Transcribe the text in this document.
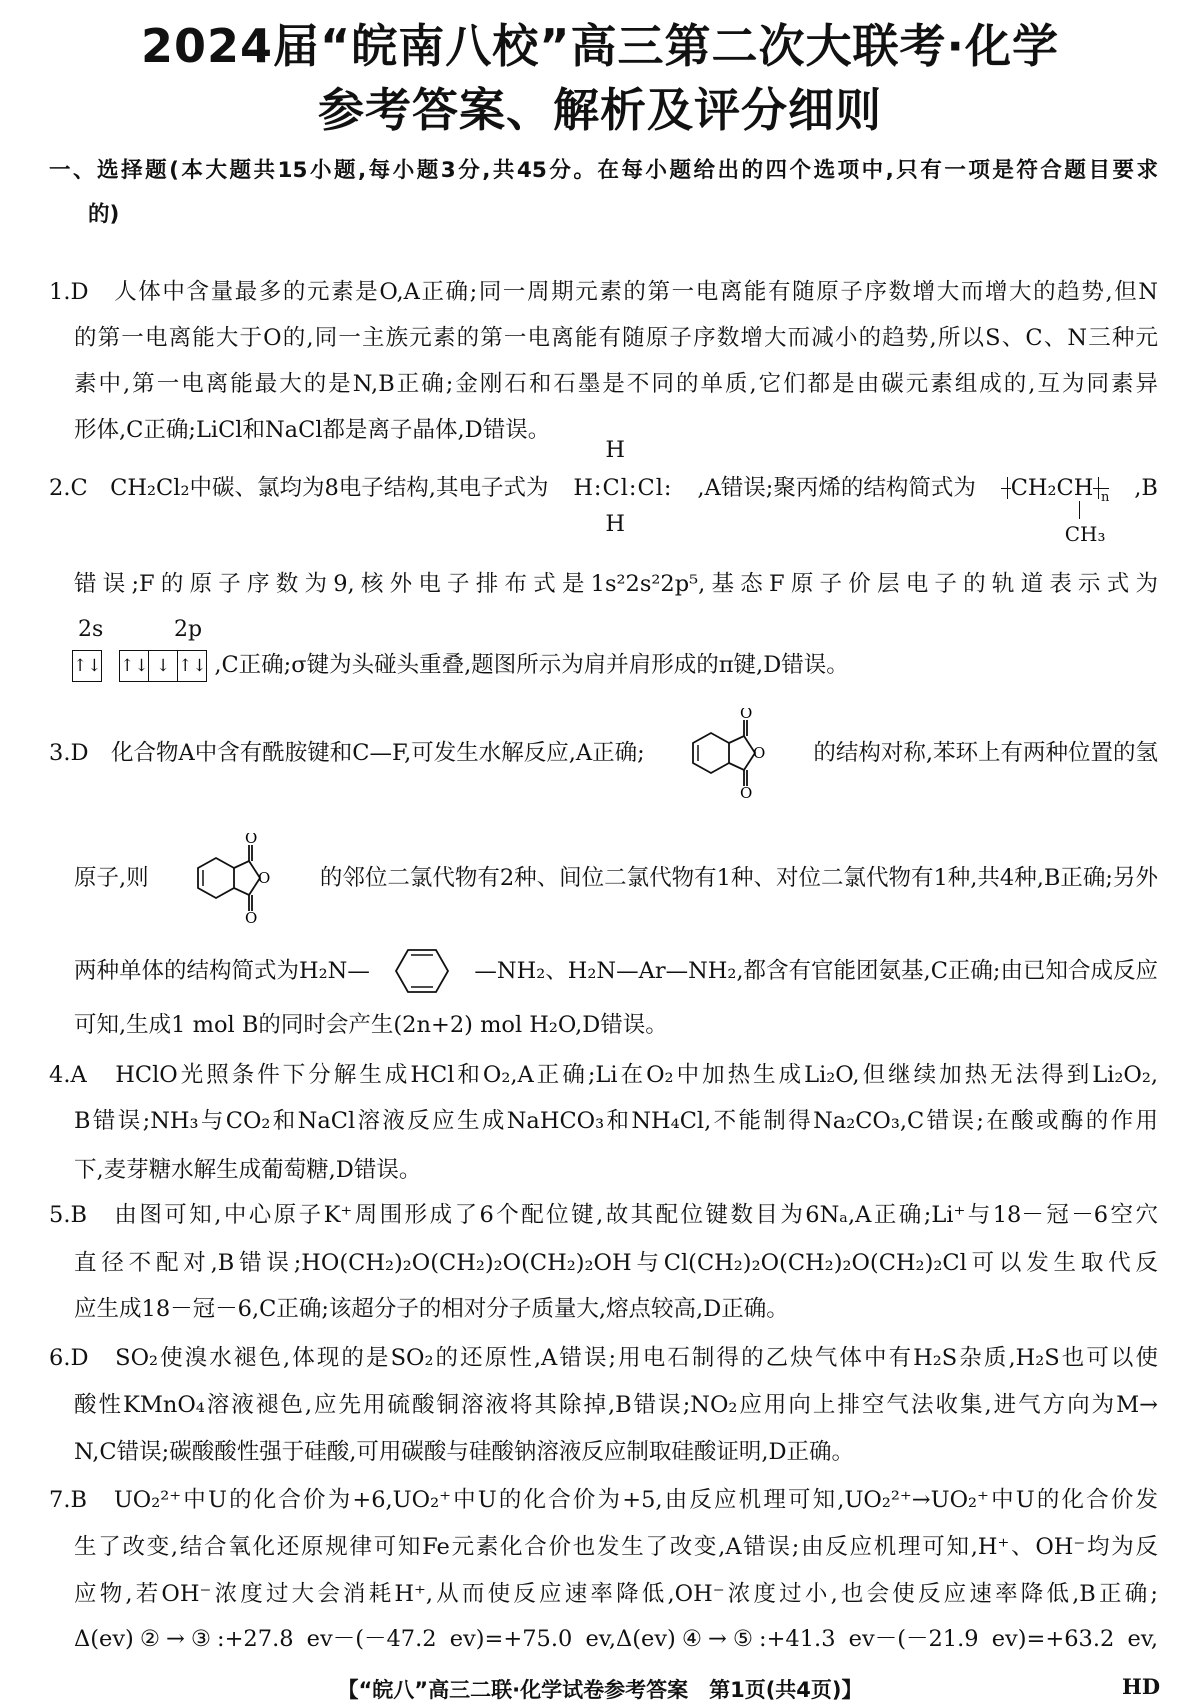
2024届“皖南八校”高三第二次大联考·化学
参考答案、解析及评分细则
一、选择题(本大题共15小题,每小题3分,共45分。在每小题给出的四个选项中,只有一项是符合题目要求
的)
1.D　人体中含量最多的元素是O,A正确;同一周期元素的第一电离能有随原子序数增大而增大的趋势,但N
的第一电离能大于O的,同一主族元素的第一电离能有随原子序数增大而减小的趋势,所以S、C、N三种元
素中,第一电离能最大的是N,B正确;金刚石和石墨是不同的单质,它们都是由碳元素组成的,互为同素异
形体,C正确;LiCl和NaCl都是离子晶体,D错误。
2.C　CH₂Cl₂中碳、氯均为8电子结构,其电子式为 H:Cl:Cl:
H
H
,A错误;聚丙烯的结构简式为	CH₂CH n
CH₃
,B
错误;F的原子序数为9,核外电子排布式是1s²2s²2p⁵,基态F原子价层电子的轨道表示式为
2s	2p
↑↓
↑↓ ↓ ↑↓ ,C正确;σ键为头碰头重叠,题图所示为肩并肩形成的π键,D错误。
3.D　化合物A中含有酰胺键和C—F,可发生水解反应,A正确;
O
O
O 的结构对称,苯环上有两种位置的氢
原子,则
O
O
O 的邻位二氯代物有2种、间位二氯代物有1种、对位二氯代物有1种,共4种,B正确;另外
两种单体的结构简式为H₂N—	—NH₂、H₂N—Ar—NH₂,都含有官能团氨基,C正确;由已知合成反应
可知,生成1 mol B的同时会产生(2n+2) mol H₂O,D错误。
4.A　HClO光照条件下分解生成HCl和O₂,A正确;Li在O₂中加热生成Li₂O,但继续加热无法得到Li₂O₂,
B错误;NH₃与CO₂和NaCl溶液反应生成NaHCO₃和NH₄Cl,不能制得Na₂CO₃,C错误;在酸或酶的作用
下,麦芽糖水解生成葡萄糖,D错误。
5.B　由图可知,中心原子K⁺周围形成了6个配位键,故其配位键数目为6Nₐ,A正确;Li⁺与18－冠－6空穴
直径不配对,B错误;HO(CH₂)₂O(CH₂)₂O(CH₂)₂OH与Cl(CH₂)₂O(CH₂)₂O(CH₂)₂Cl可以发生取代反
应生成18－冠－6,C正确;该超分子的相对分子质量大,熔点较高,D正确。
6.D　SO₂使溴水褪色,体现的是SO₂的还原性,A错误;用电石制得的乙炔气体中有H₂S杂质,H₂S也可以使
酸性KMnO₄溶液褪色,应先用硫酸铜溶液将其除掉,B错误;NO₂应用向上排空气法收集,进气方向为M→
N,C错误;碳酸酸性强于硅酸,可用碳酸与硅酸钠溶液反应制取硅酸证明,D正确。
7.B　UO₂²⁺中U的化合价为+6,UO₂⁺中U的化合价为+5,由反应机理可知,UO₂²⁺→UO₂⁺中U的化合价发
生了改变,结合氧化还原规律可知Fe元素化合价也发生了改变,A错误;由反应机理可知,H⁺、OH⁻均为反
应物,若OH⁻浓度过大会消耗H⁺,从而使反应速率降低,OH⁻浓度过小,也会使反应速率降低,B正确;
Δ(ev)②→③:+27.8 ev－(－47.2 ev)=+75.0 ev,Δ(ev)④→⑤:+41.3 ev－(－21.9 ev)=+63.2 ev,
【“皖八”高三二联·化学试卷参考答案　第1页(共4页)】	HD
